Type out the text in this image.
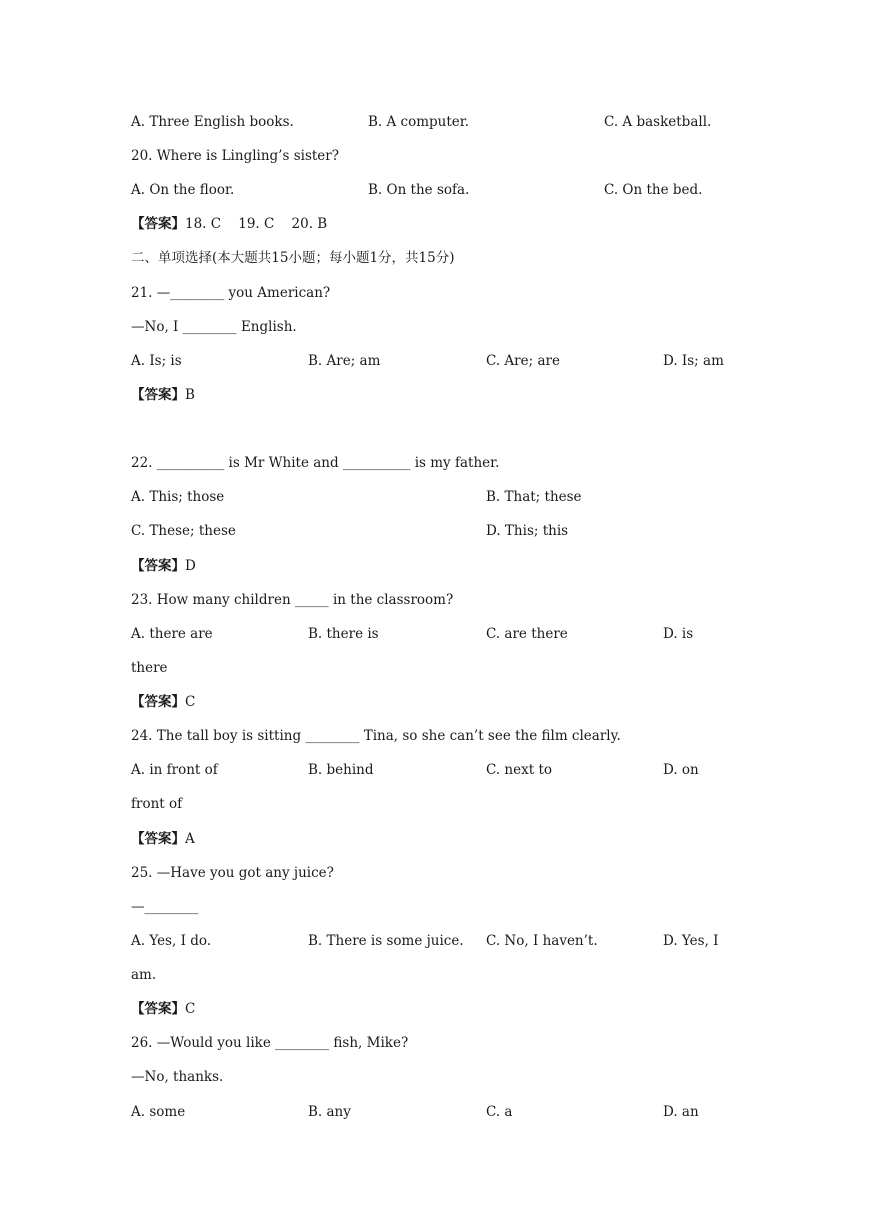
A. Three English books.	B. A computer.	C. A basketball.
20. Where is Lingling’s sister?
A. On the floor.	B. On the sofa.	C. On the bed.
【答案】18. C    19. C    20. B
二、单项选择(本大题共15小题；每小题1分，共15分)
21. —________ you American?
—No, I ________ English.
A. Is; is	B. Are; am	C. Are; are	D. Is; am
【答案】B
22. __________ is Mr White and __________ is my father.
A. This; those	B. That; these
C. These; these	D. This; this
【答案】D
23. How many children _____ in the classroom?
A. there are	B. there is	C. are there	D. is
there
【答案】C
24. The tall boy is sitting ________ Tina, so she can’t see the film clearly.
A. in front of	B. behind	C. next to	D. on
front of
【答案】A
25. —Have you got any juice?
—________
A. Yes, I do.	B. There is some juice. C. No, I haven’t.	D. Yes, I
am.
【答案】C
26. —Would you like ________ fish, Mike?
—No, thanks.
A. some	B. any	C. a	D. an
